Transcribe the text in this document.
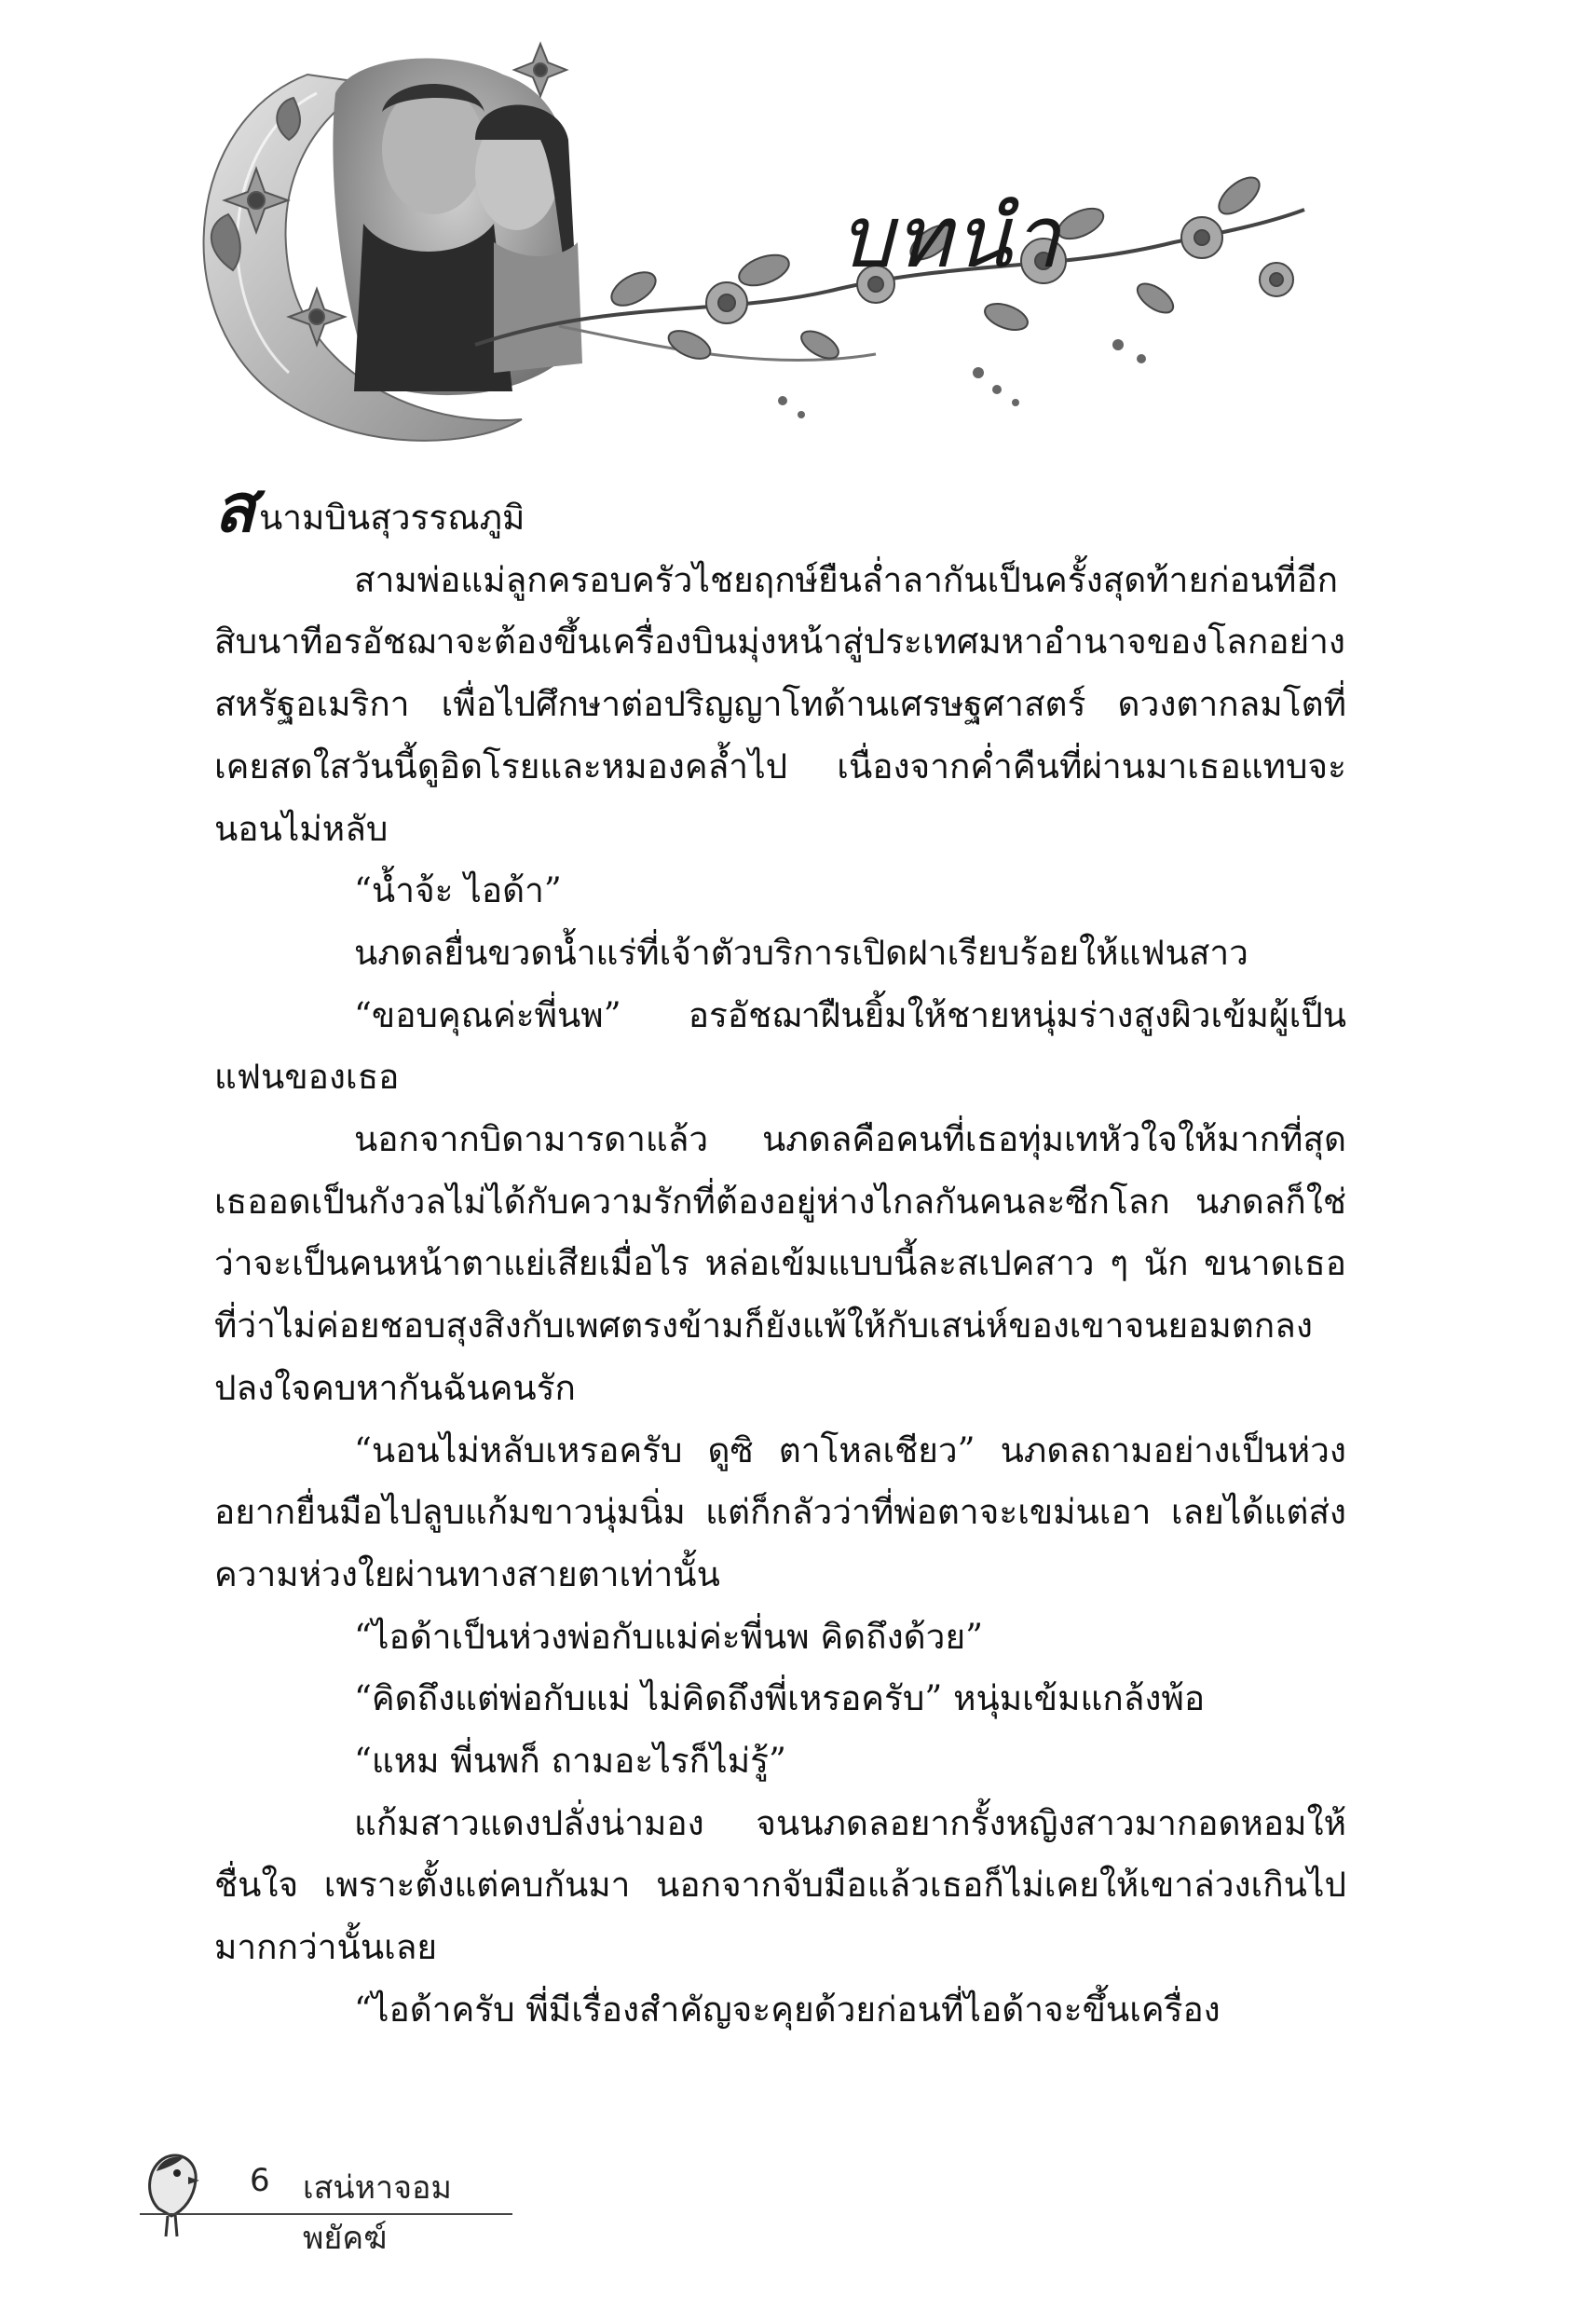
บทนำ

สนามบินสุวรรณภูมิ

สามพ่อแม่ลูกครอบครัวไชยฤกษ์ยืนล่ำลากันเป็นครั้งสุดท้ายก่อนที่อีกสิบนาทีอรอัชฌาจะต้องขึ้นเครื่องบินมุ่งหน้าสู่ประเทศมหาอำนาจของโลกอย่างสหรัฐอเมริกา เพื่อไปศึกษาต่อปริญญาโทด้านเศรษฐศาสตร์ ดวงตากลมโตที่เคยสดใสวันนี้ดูอิดโรยและหมองคล้ำไป เนื่องจากค่ำคืนที่ผ่านมาเธอแทบจะนอนไม่หลับ

“น้ำจ้ะ ไอด้า”

นภดลยื่นขวดน้ำแร่ที่เจ้าตัวบริการเปิดฝาเรียบร้อยให้แฟนสาว

“ขอบคุณค่ะพี่นพ” อรอัชฌาฝืนยิ้มให้ชายหนุ่มร่างสูงผิวเข้มผู้เป็นแฟนของเธอ

นอกจากบิดามารดาแล้ว นภดลคือคนที่เธอทุ่มเทหัวใจให้มากที่สุด เธออดเป็นกังวลไม่ได้กับความรักที่ต้องอยู่ห่างไกลกันคนละซีกโลก นภดลก็ใช่ว่าจะเป็นคนหน้าตาแย่เสียเมื่อไร หล่อเข้มแบบนี้ละสเปคสาว ๆ นัก ขนาดเธอที่ว่าไม่ค่อยชอบสุงสิงกับเพศตรงข้ามก็ยังแพ้ให้กับเสน่ห์ของเขาจนยอมตกลงปลงใจคบหากันฉันคนรัก

“นอนไม่หลับเหรอครับ ดูซิ ตาโหลเชียว” นภดลถามอย่างเป็นห่วง อยากยื่นมือไปลูบแก้มขาวนุ่มนิ่ม แต่ก็กลัวว่าที่พ่อตาจะเขม่นเอา เลยได้แต่ส่งความห่วงใยผ่านทางสายตาเท่านั้น

“ไอด้าเป็นห่วงพ่อกับแม่ค่ะพี่นพ คิดถึงด้วย”

“คิดถึงแต่พ่อกับแม่ ไม่คิดถึงพี่เหรอครับ” หนุ่มเข้มแกล้งพ้อ

“แหม พี่นพก็ ถามอะไรก็ไม่รู้”

แก้มสาวแดงปลั่งน่ามอง จนนภดลอยากรั้งหญิงสาวมากอดหอมให้ชื่นใจ เพราะตั้งแต่คบกันมา นอกจากจับมือแล้วเธอก็ไม่เคยให้เขาล่วงเกินไปมากกว่านั้นเลย

“ไอด้าครับ พี่มีเรื่องสำคัญจะคุยด้วยก่อนที่ไอด้าจะขึ้นเครื่อง

6 เสน่หาจอมพยัคฆ์
